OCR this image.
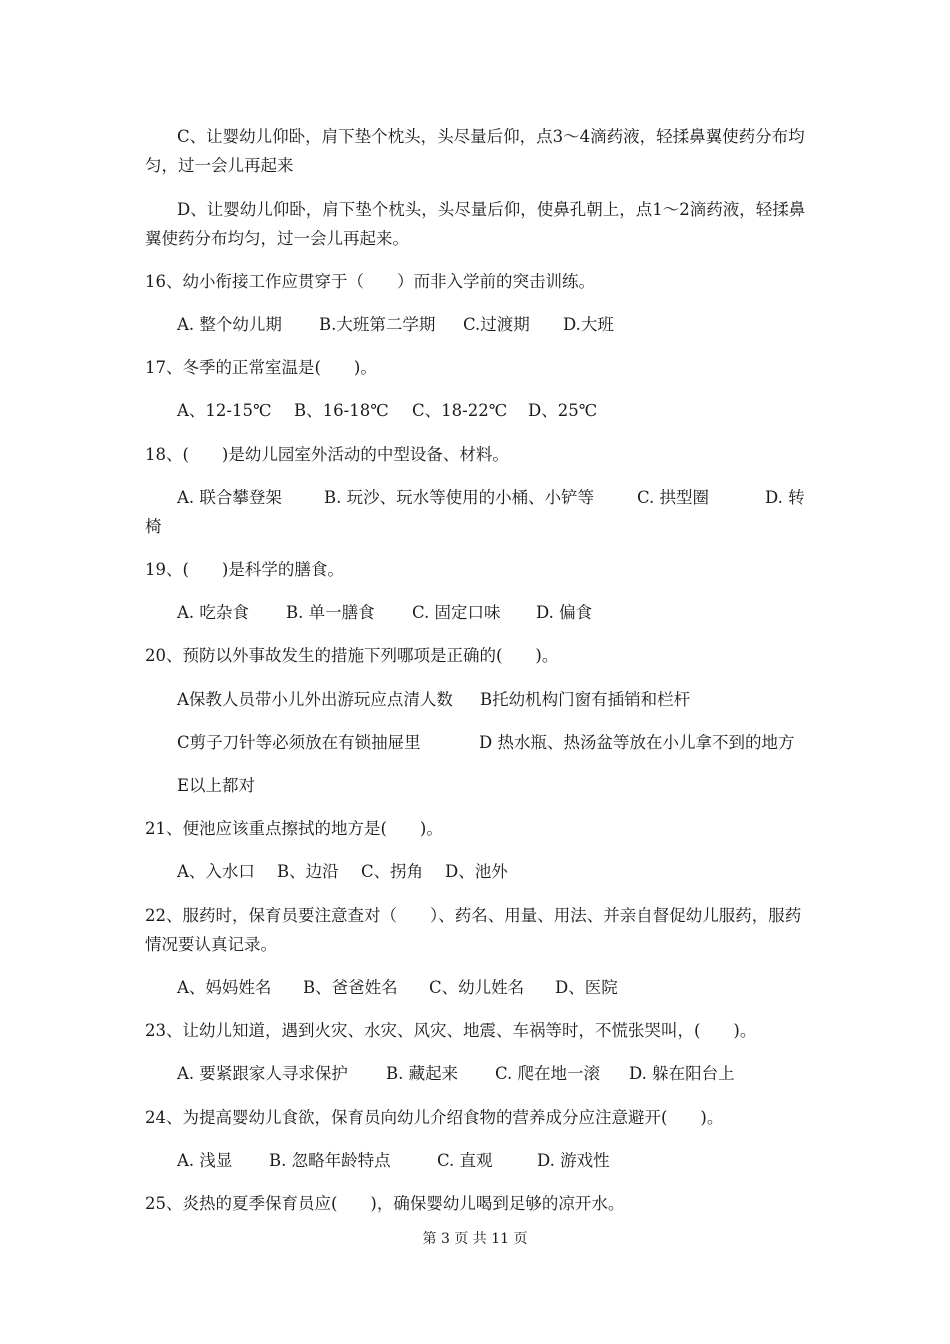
C、让婴幼儿仰卧，肩下垫个枕头，头尽量后仰，点3～4滴药液，轻揉鼻翼使药分布均
匀，过一会儿再起来
D、让婴幼儿仰卧，肩下垫个枕头，头尽量后仰，使鼻孔朝上，点1～2滴药液，轻揉鼻
翼使药分布均匀，过一会儿再起来。
16、幼小衔接工作应贯穿于（　　）而非入学前的突击训练。
A. 整个幼儿期 B.大班第二学期 C.过渡期 D.大班
17、冬季的正常室温是(　　)。
A、12-15℃ B、16-18℃ C、18-22℃ D、25℃
18、(　　)是幼儿园室外活动的中型设备、材料。
A. 联合攀登架	B. 玩沙、玩水等使用的小桶、小铲等	C. 拱型圈	D. 转
椅
19、(　　)是科学的膳食。
A. 吃杂食 B. 单一膳食 C. 固定口味 D. 偏食
20、预防以外事故发生的措施下列哪项是正确的(　　)。
A保教人员带小儿外出游玩应点清人数 B托幼机构门窗有插销和栏杆
C剪子刀针等必须放在有锁抽屉里	D 热水瓶、热汤盆等放在小儿拿不到的地方
E以上都对
21、便池应该重点擦拭的地方是(　　)。
A、入水口 B、边沿 C、拐角 D、池外
22、服药时，保育员要注意查对（　　）、药名、用量、用法、并亲自督促幼儿服药，服药
情况要认真记录。
A、妈妈姓名 B、爸爸姓名 C、幼儿姓名 D、医院
23、让幼儿知道，遇到火灾、水灾、风灾、地震、车祸等时，不慌张哭叫，(　　)。
A. 要紧跟家人寻求保护 B. 藏起来 C. 爬在地一滚 D. 躲在阳台上
24、为提高婴幼儿食欲，保育员向幼儿介绍食物的营养成分应注意避开(　　)。
A. 浅显 B. 忽略年龄特点	C. 直观	D. 游戏性
25、炎热的夏季保育员应(　　)，确保婴幼儿喝到足够的凉开水。
第 3 页 共 11 页
